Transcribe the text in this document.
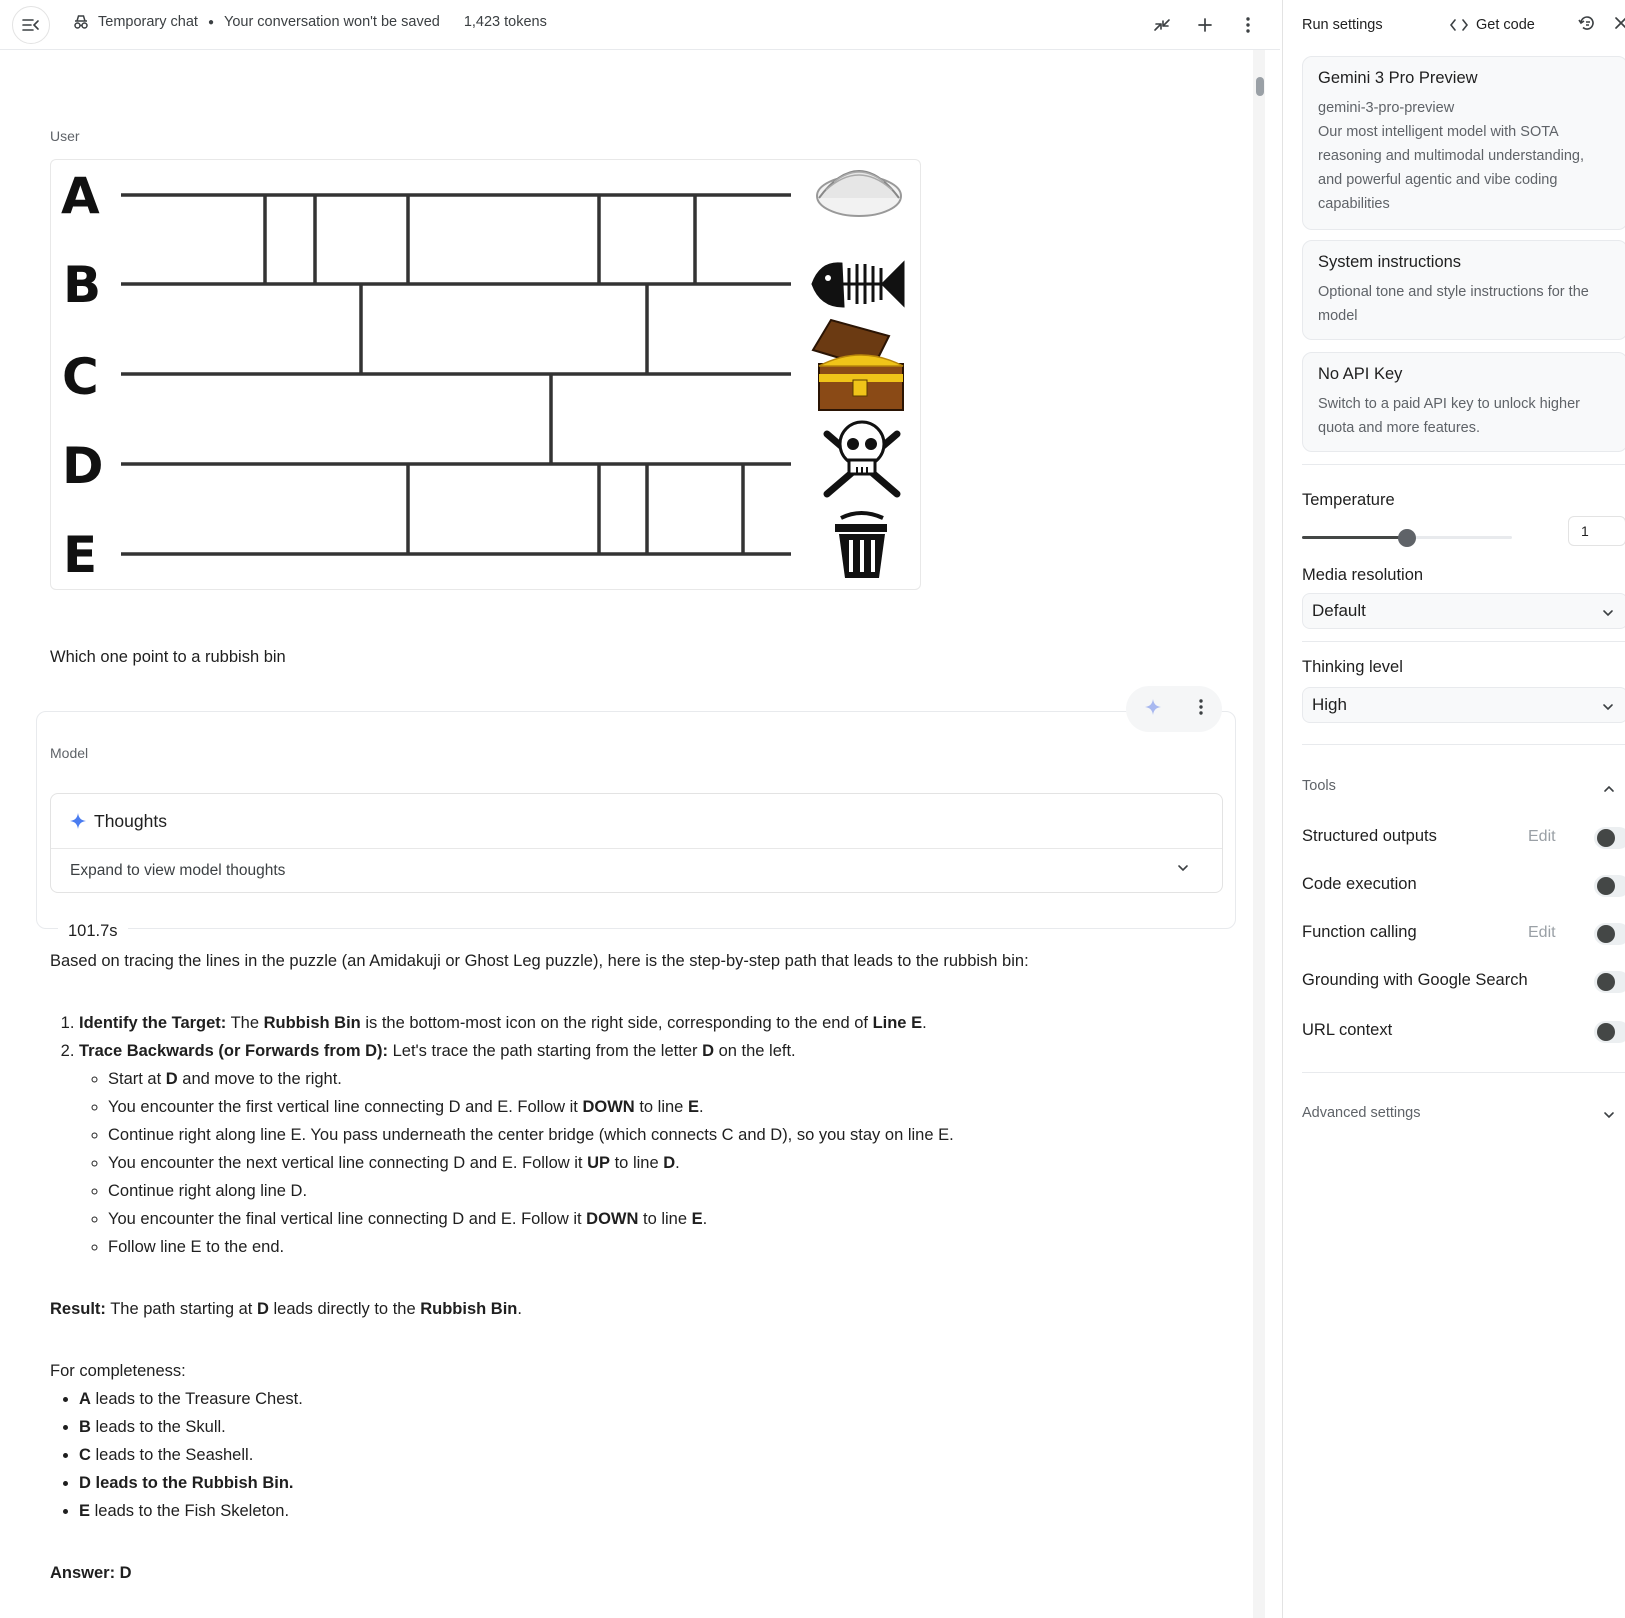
Temporary chat ● Your conversation won't be saved 1,423 tokens
User
A
B
C
D
E
Which one point to a rubbish bin
Model
Thoughts
Expand to view model thoughts
101.7s

Based on tracing the lines in the puzzle (an Amidakuji or Ghost Leg puzzle), here is the step-by-step path that leads to the rubbish bin:

1. Identify the Target: The Rubbish Bin is the bottom-most icon on the right side, corresponding to the end of Line E.
2. Trace Backwards (or Forwards from D): Let's trace the path starting from the letter D on the left.
◦ Start at D and move to the right.
◦ You encounter the first vertical line connecting D and E. Follow it DOWN to line E.
◦ Continue right along line E. You pass underneath the center bridge (which connects C and D), so you stay on line E.
◦ You encounter the next vertical line connecting D and E. Follow it UP to line D.
◦ Continue right along line D.
◦ You encounter the final vertical line connecting D and E. Follow it DOWN to line E.
◦ Follow line E to the end.

Result: The path starting at D leads directly to the Rubbish Bin.

For completeness:

• A leads to the Treasure Chest.
• B leads to the Skull.
• C leads to the Seashell.
• D leads to the Rubbish Bin.
• E leads to the Fish Skeleton.

Answer: D

Run settings	Get code
Gemini 3 Pro Preview
gemini-3-pro-preview
Our most intelligent model with SOTA reasoning and multimodal understanding, and powerful agentic and vibe coding capabilities
System instructions
Optional tone and style instructions for the model
No API Key
Switch to a paid API key to unlock higher quota and more features.
Temperature
1
Media resolution
Default
Thinking level
High
Tools
Structured outputs	Edit
Code execution
Function calling	Edit
Grounding with Google Search
URL context
Advanced settings
